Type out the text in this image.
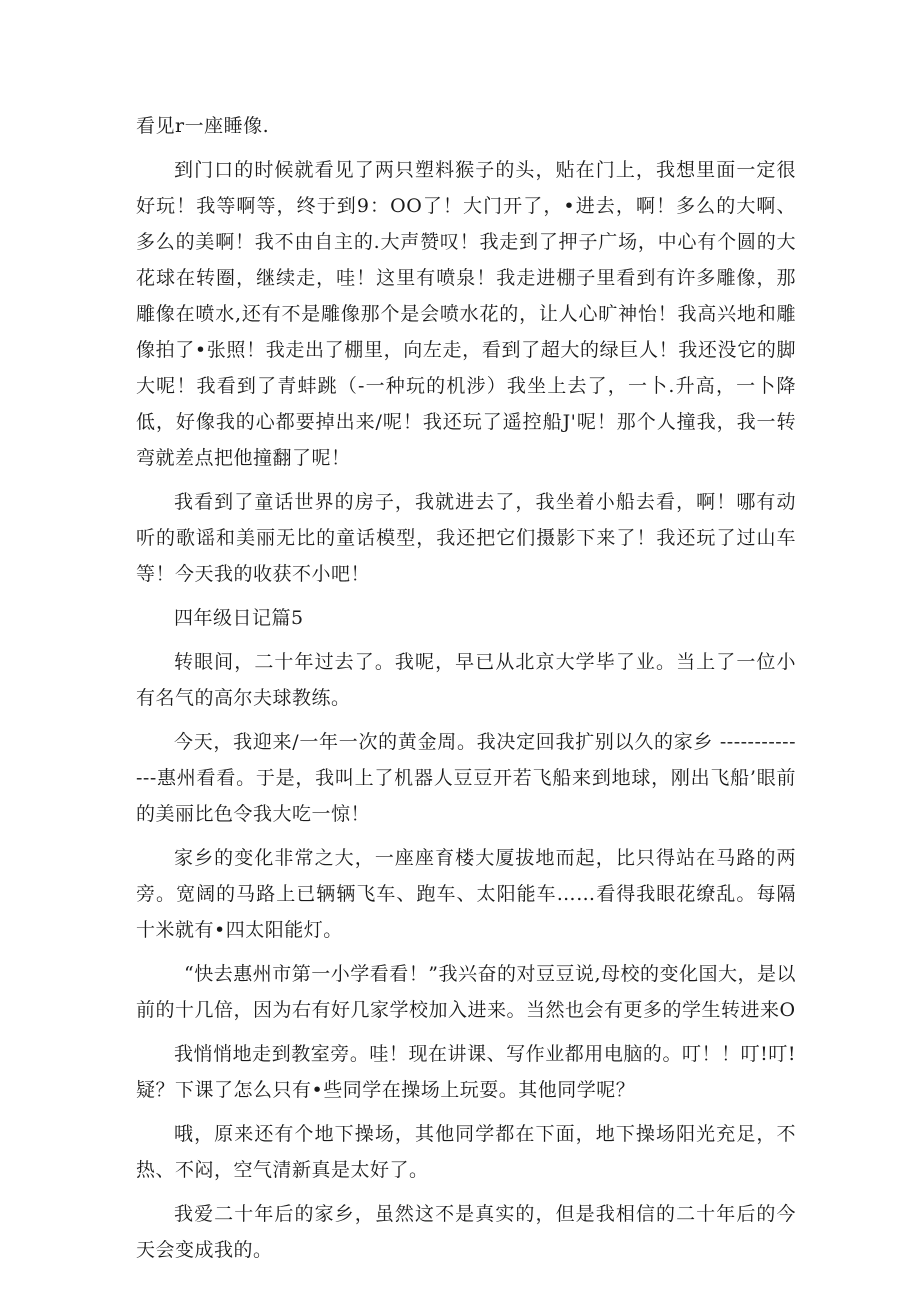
看见r一座睡像.

到门口的时候就看见了两只塑料猴子的头，贴在门上，我想里面一定很好玩！我等啊等，终于到9：OO了！大门开了，•进去，啊！多么的大啊、多么的美啊！我不由自主的.大声赞叹！我走到了押子广场，中心有个圆的大花球在转圈，继续走，哇！这里有喷泉！我走进棚子里看到有许多雕像，那雕像在喷水,还有不是雕像那个是会喷水花的，让人心旷神怡！我高兴地和雕像拍了•张照！我走出了棚里，向左走，看到了超大的绿巨人！我还没它的脚大呢！我看到了青蚌跳（-一种玩的机涉）我坐上去了，一卜.升高，一卜降低，好像我的心都要掉出来/呢！我还玩了遥控船J'呢！那个人撞我，我一转弯就差点把他撞翻了呢！

我看到了童话世界的房子，我就进去了，我坐着小船去看，啊！哪有动听的歌谣和美丽无比的童话模型，我还把它们摄影下来了！我还玩了过山车等！今天我的收获不小吧！

四年级日记篇5

转眼间，二十年过去了。我呢，早已从北京大学毕了业。当上了一位小有名气的高尔夫球教练。

今天，我迎来/一年一次的黄金周。我决定回我扩别以久的家乡 --------------惠州看看。于是，我叫上了机器人豆豆开若飞船来到地球，刚出飞船’眼前的美丽比色令我大吃一惊！

家乡的变化非常之大，一座座育楼大厦拔地而起，比只得站在马路的两旁。宽阔的马路上已辆辆飞车、跑车、太阳能车……看得我眼花缭乱。每隔十米就有•四太阳能灯。

“快去惠州市第一小学看看！”我兴奋的对豆豆说,母校的变化国大，是以前的十几倍，因为右有好几家学校加入进来。当然也会有更多的学生转进来O

我悄悄地走到教室旁。哇！现在讲课、写作业都用电脑的。叮！！叮!叮!疑？下课了怎么只有•些同学在操场上玩耍。其他同学呢？

哦，原来还有个地下操场，其他同学都在下面，地下操场阳光充足，不热、不闷，空气清新真是太好了。

我爱二十年后的家乡，虽然这不是真实的，但是我相信的二十年后的今天会变成我的。
